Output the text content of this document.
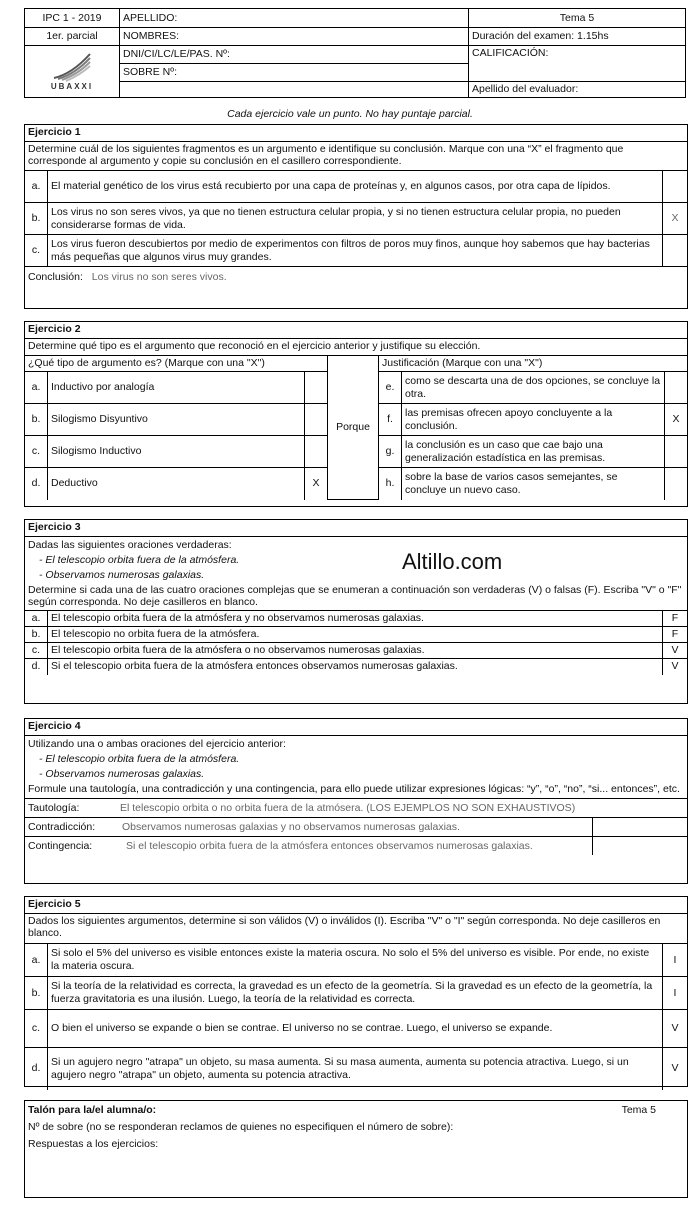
IPC 1 - 2019	APELLIDO:	Tema 5
1er. parcial	NOMBRES:	Duración del examen: 1.15hs

UBAXXI	DNI/CI/LC/LE/PAS. Nº:	CALIFICACIÓN:
	SOBRE Nº:	
		Apellido del evaluador:
Cada ejercicio vale un punto. No hay puntaje parcial.
Ejercicio 1
Determine cuál de los siguientes fragmentos es un argumento e identifique su conclusión. Marque con una “X” el fragmento que corresponde al argumento y copie su conclusión en el casillero correspondiente.
a.	El material genético de los virus está recubierto por una capa de proteínas y, en algunos casos, por otra capa de lípidos.	
b.	Los virus no son seres vivos, ya que no tienen estructura celular propia, y si no tienen estructura celular propia, no pueden considerarse formas de vida.	X
c.	Los virus fueron descubiertos por medio de experimentos con filtros de poros muy finos, aunque hoy sabemos que hay bacterias más pequeñas que algunos virus muy grandes.	
Conclusión: Los virus no son seres vivos.
Ejercicio 2
Determine qué tipo es el argumento que reconoció en el ejercicio anterior y justifique su elección.
¿Qué tipo de argumento es? (Marque con una "X")			Porque	Justificación (Marque con una "X")		
a.	Inductivo por analogía			e.	como se descarta una de dos opciones, se concluye la otra.	
b.	Silogismo Disyuntivo			f.	las premisas ofrecen apoyo concluyente a la conclusión.	X
c.	Silogismo Inductivo			g.	la conclusión es un caso que cae bajo una generalización estadística en las premisas.	
d.	Deductivo	X		h.	sobre la base de varios casos semejantes, se concluye un nuevo caso.	
Ejercicio 3
Dadas las siguientes oraciones verdaderas:
- El telescopio orbita fuera de la atmósfera.
- Observamos numerosas galaxias.
Determine si cada una de las cuatro oraciones complejas que se enumeran a continuación son verdaderas (V) o falsas (F). Escriba "V" o "F" según corresponda. No deje casilleros en blanco.
a.	El telescopio orbita fuera de la atmósfera y no observamos numerosas galaxias.	F
b.	El telescopio no orbita fuera de la atmósfera.	F
c.	El telescopio orbita fuera de la atmósfera o no observamos numerosas galaxias.	V
d.	Si el telescopio orbita fuera de la atmósfera entonces observamos numerosas galaxias.	V
Altillo.com
Ejercicio 4
Utilizando una o ambas oraciones del ejercicio anterior:
- El telescopio orbita fuera de la atmósfera.
- Observamos numerosas galaxias.
Formule una tautología, una contradicción y una contingencia, para ello puede utilizar expresiones lógicas: “y”, “o”, “no”, “si... entonces”, etc.
Tautología:	El telescopio orbita o no orbita fuera de la atmósera. (LOS EJEMPLOS NO SON EXHAUSTIVOS)
Contradicción:	Observamos numerosas galaxias y no observamos numerosas galaxias.
Contingencia:	Si el telescopio orbita fuera de la atmósfera entonces observamos numerosas galaxias.
Ejercicio 5
Dados los siguientes argumentos, determine si son válidos (V) o inválidos (I). Escriba "V" o "I" según corresponda. No deje casilleros en blanco.
a.	Si solo el 5% del universo es visible entonces existe la materia oscura. No solo el 5% del universo es visible. Por ende, no existe la materia oscura.	I
b.	Si la teoría de la relatividad es correcta, la gravedad es un efecto de la geometría. Si la gravedad es un efecto de la geometría, la fuerza gravitatoria es una ilusión. Luego, la teoría de la relatividad es correcta.	I
c.	O bien el universo se expande o bien se contrae. El universo no se contrae. Luego, el universo se expande.	V
d.	Si un agujero negro "atrapa" un objeto, su masa aumenta. Si su masa aumenta, aumenta su potencia atractiva. Luego, si un agujero negro "atrapa" un objeto, aumenta su potencia atractiva.	V
Talón para la/el alumna/o:	Tema 5
Nº de sobre (no se responderan reclamos de quienes no especifiquen el número de sobre):
Respuestas a los ejercicios:
